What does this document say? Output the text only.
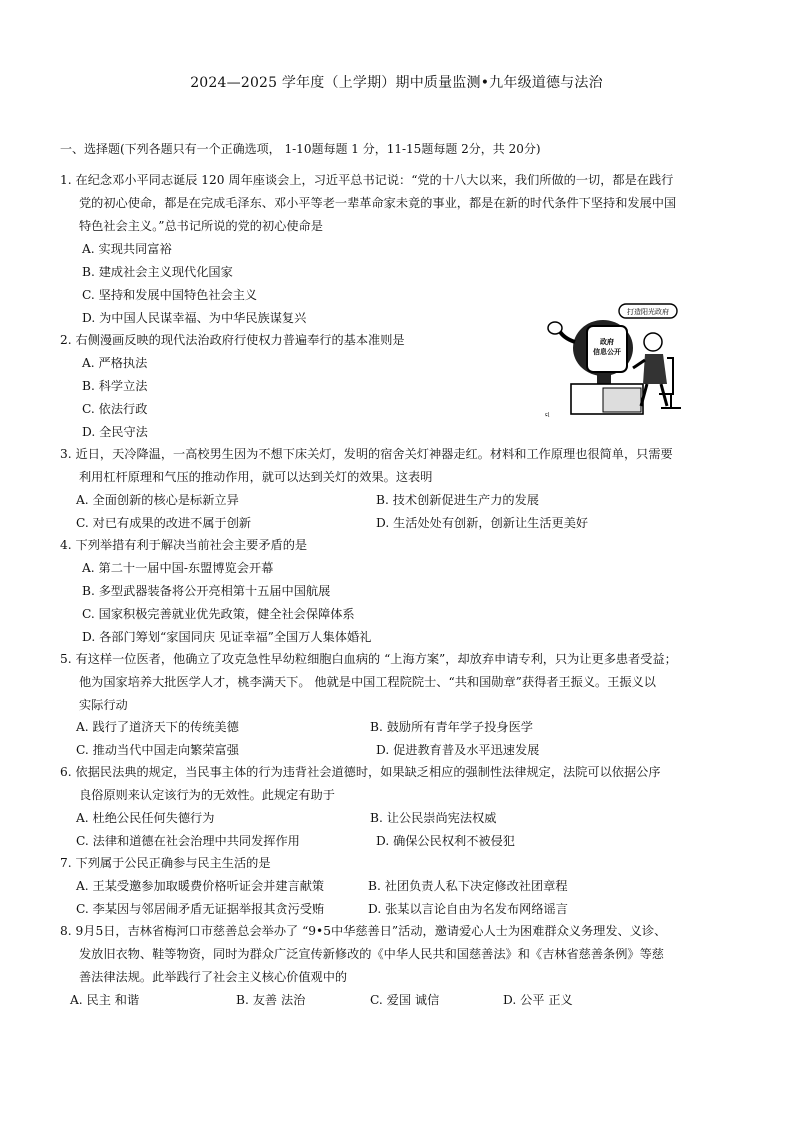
2024—2025 学年度（上学期）期中质量监测•九年级道德与法治
一、选择题(下列各题只有一个正确选项， 1-10题每题 1 分，11-15题每题 2分，共 20分)
1. 在纪念邓小平同志诞辰 120 周年座谈会上，习近平总书记说：“党的十八大以来，我们所做的一切，都是在践行
党的初心使命，都是在完成毛泽东、邓小平等老一辈革命家未竟的事业，都是在新的时代条件下坚持和发展中国
特色社会主义。”总书记所说的党的初心使命是
A. 实现共同富裕
B. 建成社会主义现代化国家
C. 坚持和发展中国特色社会主义
D. 为中国人民谋幸福、为中华民族谋复兴
2. 右侧漫画反映的现代法治政府行使权力普遍奉行的基本准则是
A. 严格执法
B. 科学立法
C. 依法行政
D. 全民守法
打造阳光政府
政府
信息公开
ɕɭ
3. 近日，天冷降温，一高校男生因为不想下床关灯，发明的宿舍关灯神器走红。材料和工作原理也很简单，只需要
利用杠杆原理和气压的推动作用，就可以达到关灯的效果。这表明
A. 全面创新的核心是标新立异	B. 技术创新促进生产力的发展
C. 对已有成果的改进不属于创新	D. 生活处处有创新，创新让生活更美好
4. 下列举措有利于解决当前社会主要矛盾的是
A. 第二十一届中国-东盟博览会开幕
B. 多型武器装备将公开亮相第十五届中国航展
C. 国家积极完善就业优先政策，健全社会保障体系
D. 各部门筹划“家国同庆 见证幸福”全国万人集体婚礼
5. 有这样一位医者，他确立了攻克急性早幼粒细胞白血病的 “上海方案”，却放弃申请专利，只为让更多患者受益；
他为国家培养大批医学人才，桃李满天下。 他就是中国工程院院士、“共和国勋章”获得者王振义。王振义以
实际行动
A. 践行了道济天下的传统美德	B. 鼓励所有青年学子投身医学
C. 推动当代中国走向繁荣富强	D. 促进教育普及水平迅速发展
6. 依据民法典的规定，当民事主体的行为违背社会道德时，如果缺乏相应的强制性法律规定，法院可以依据公序
良俗原则来认定该行为的无效性。此规定有助于
A. 杜绝公民任何失德行为	B. 让公民崇尚宪法权威
C. 法律和道德在社会治理中共同发挥作用	D. 确保公民权利不被侵犯
7. 下列属于公民正确参与民主生活的是
A. 王某受邀参加取暖费价格听证会并建言献策	B. 社团负责人私下决定修改社团章程
C. 李某因与邻居闹矛盾无证据举报其贪污受贿	D. 张某以言论自由为名发布网络谣言
8. 9月5日，吉林省梅河口市慈善总会举办了 “9•5中华慈善日”活动，邀请爱心人士为困难群众义务理发、义诊、
发放旧衣物、鞋等物资，同时为群众广泛宣传新修改的《中华人民共和国慈善法》和《吉林省慈善条例》等慈
善法律法规。此举践行了社会主义核心价值观中的
A. 民主 和谐	B. 友善 法治	C. 爱国 诚信	D. 公平 正义
